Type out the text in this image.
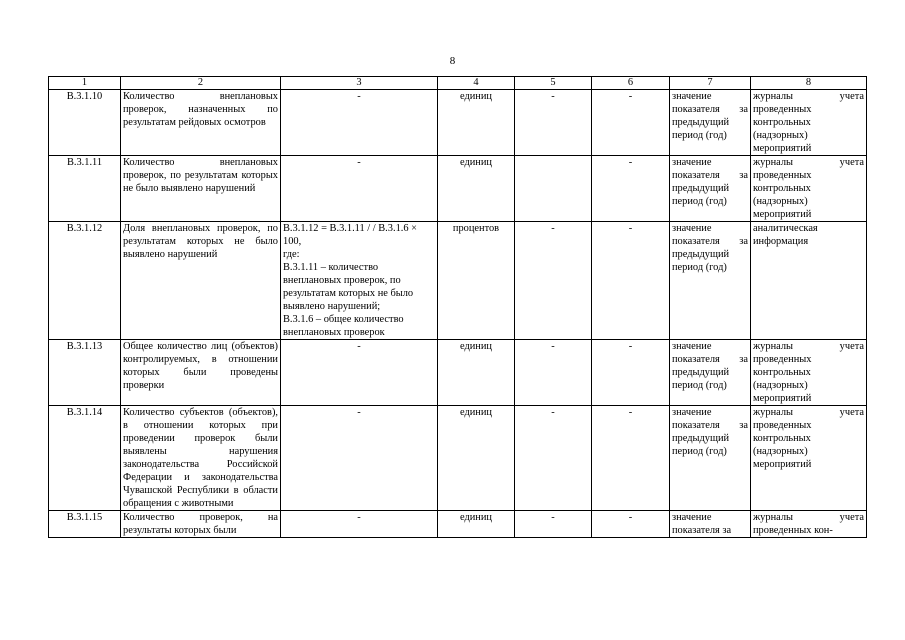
8
1	2	3	4	5	6	7	8
В.3.1.10	Количество внеплановых проверок, назначенных по результатам рейдовых осмотров	-	единиц	-	-	значение показателя за предыдущий период (год)	журналы учета проведенных контрольных (надзорных) мероприятий
В.3.1.11	Количество внеплановых проверок, по результатам которых не было выявлено нарушений	-	единиц		-	значение показателя за предыдущий период (год)	журналы учета проведенных контрольных (надзорных) мероприятий
В.3.1.12	Доля внеплановых проверок, по результатам которых не было выявлено нарушений	В.3.1.12 = В.3.1.11 / / В.3.1.6 × 100,
где:
В.3.1.11 – количество внеплановых проверок, по результатам которых не было выявлено нарушений;
В.3.1.6 – общее количество внеплановых проверок	процентов	-	-	значение показателя за предыдущий период (год)	аналитическая информация
В.3.1.13	Общее количество лиц (объектов) контролируемых, в отношении которых были проведены проверки	-	единиц	-	-	значение показателя за предыдущий период (год)	журналы учета проведенных контрольных (надзорных) мероприятий
В.3.1.14	Количество субъектов (объектов), в отношении которых при проведении проверок были выявлены нарушения законодательства Российской Федерации и законодательства Чувашской Республики в области обращения с животными	-	единиц	-	-	значение показателя за предыдущий период (год)	журналы учета проведенных контрольных (надзорных) мероприятий
В.3.1.15	Количество проверок, на результаты которых были	-	единиц	-	-	значение показателя за	журналы учета проведенных кон-
